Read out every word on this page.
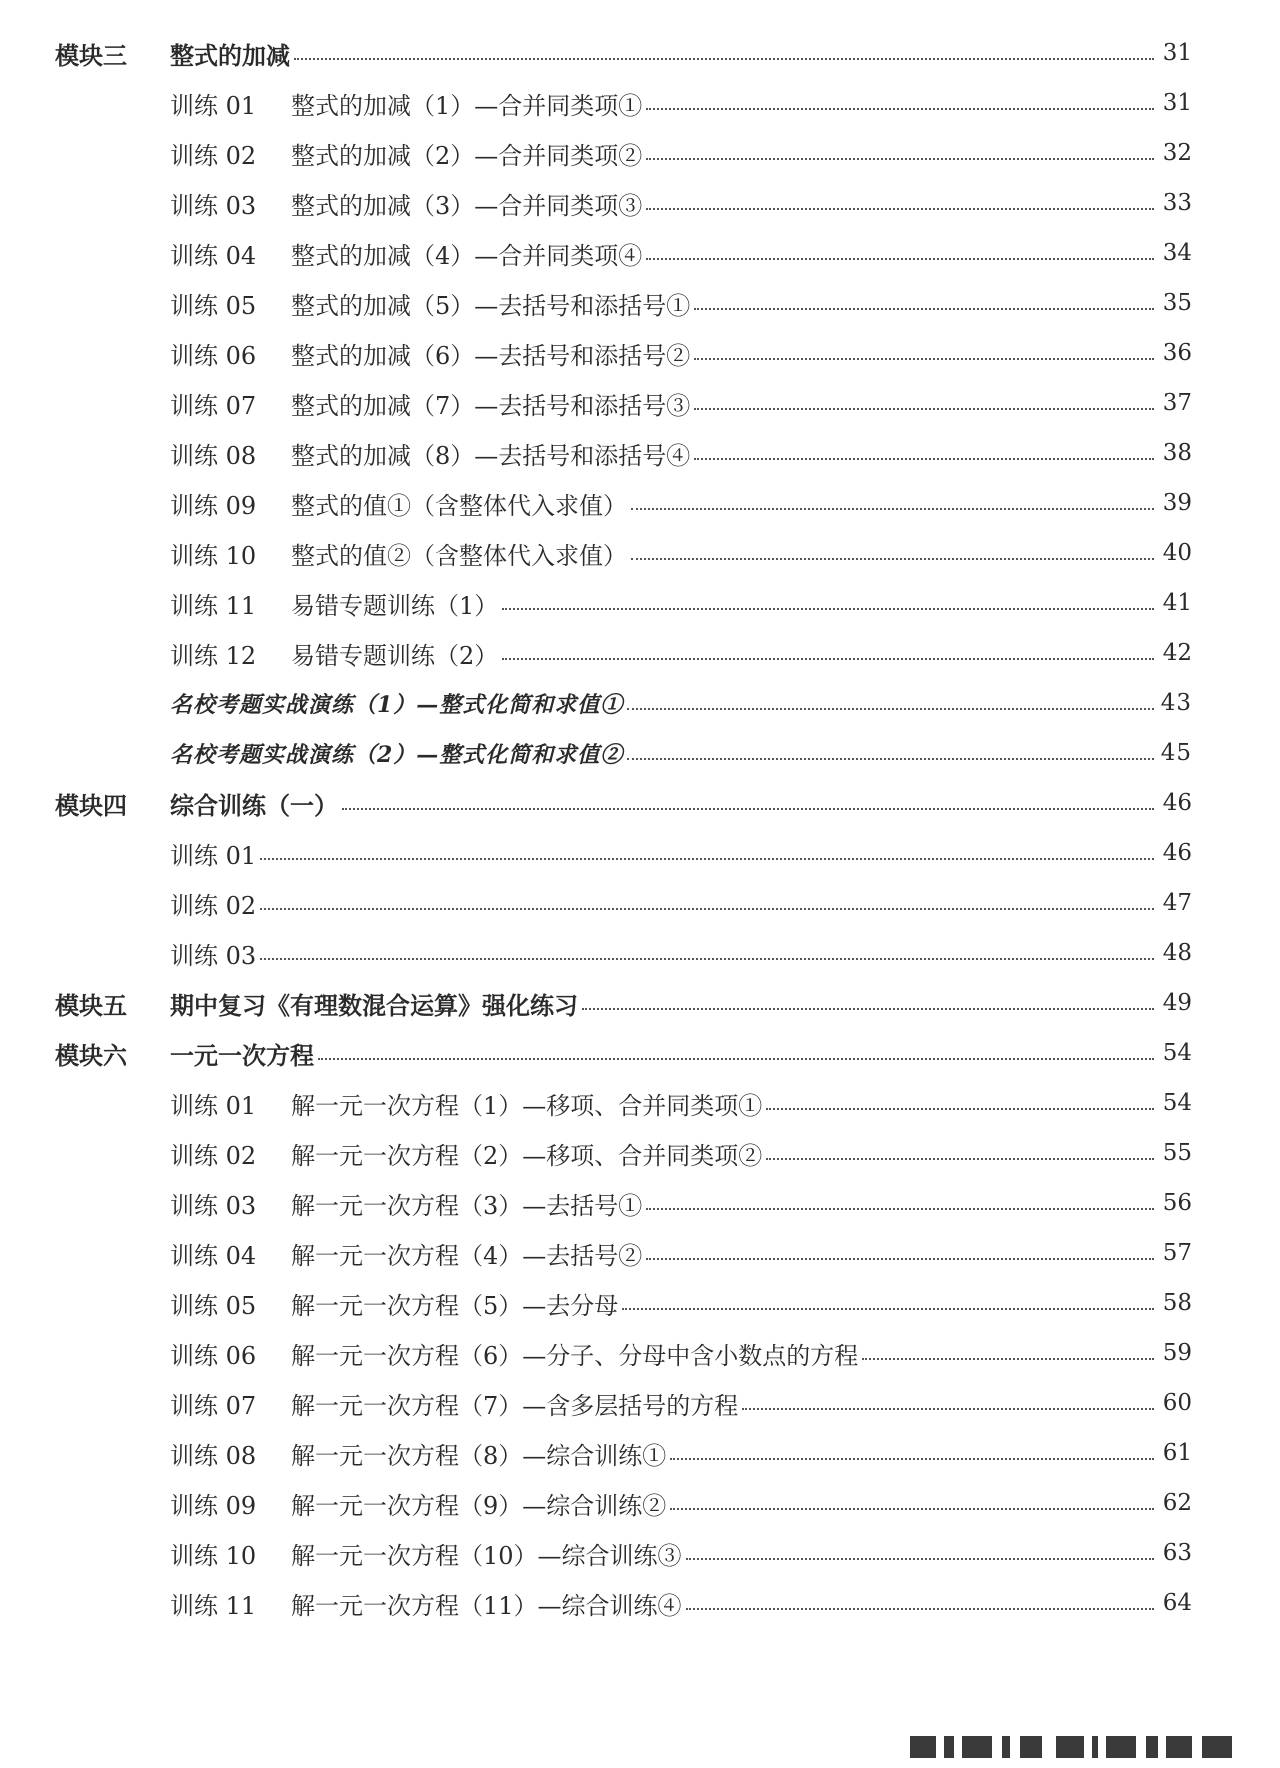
模块三	整式的加减	31
训练 01	整式的加减（1）—合并同类项①	31
训练 02	整式的加减（2）—合并同类项②	32
训练 03	整式的加减（3）—合并同类项③	33
训练 04	整式的加减（4）—合并同类项④	34
训练 05	整式的加减（5）—去括号和添括号①	35
训练 06	整式的加减（6）—去括号和添括号②	36
训练 07	整式的加减（7）—去括号和添括号③	37
训练 08	整式的加减（8）—去括号和添括号④	38
训练 09	整式的值①（含整体代入求值）	39
训练 10	整式的值②（含整体代入求值）	40
训练 11	易错专题训练（1）	41
训练 12	易错专题训练（2）	42
名校考题实战演练（1）—整式化简和求值①	43
名校考题实战演练（2）—整式化简和求值②	45
模块四	综合训练（一）	46
训练 01	46
训练 02	47
训练 03	48
模块五	期中复习《有理数混合运算》强化练习	49
模块六	一元一次方程	54
训练 01	解一元一次方程（1）—移项、合并同类项①	54
训练 02	解一元一次方程（2）—移项、合并同类项②	55
训练 03	解一元一次方程（3）—去括号①	56
训练 04	解一元一次方程（4）—去括号②	57
训练 05	解一元一次方程（5）—去分母	58
训练 06	解一元一次方程（6）—分子、分母中含小数点的方程	59
训练 07	解一元一次方程（7）—含多层括号的方程	60
训练 08	解一元一次方程（8）—综合训练①	61
训练 09	解一元一次方程（9）—综合训练②	62
训练 10	解一元一次方程（10）—综合训练③	63
训练 11	解一元一次方程（11）—综合训练④	64
